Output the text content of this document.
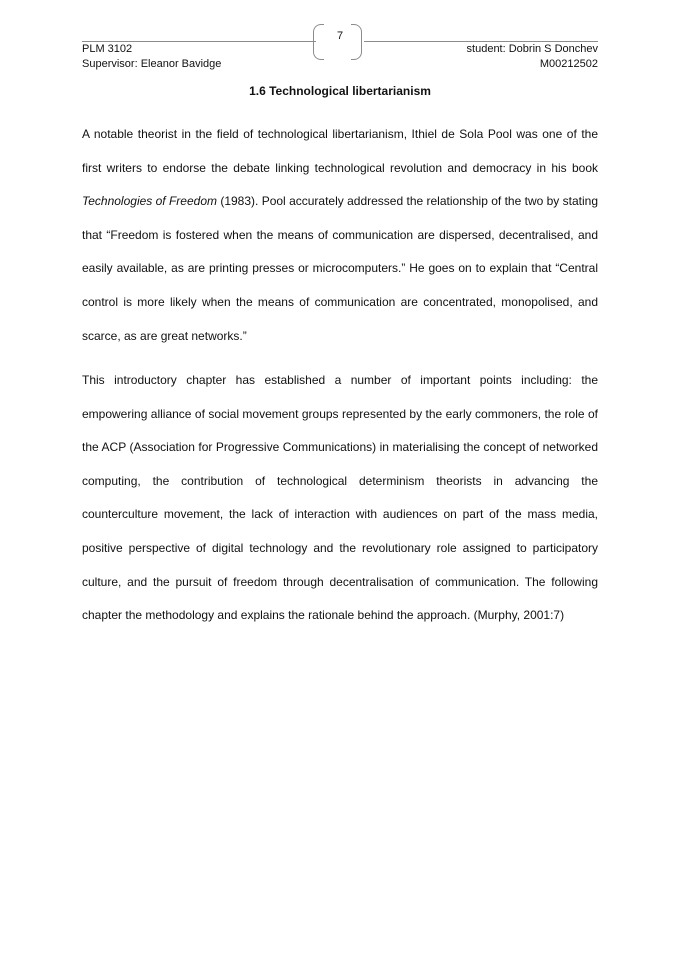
7
PLM 3102
Supervisor: Eleanor Bavidge
student: Dobrin S Donchev
M00212502
1.6 Technological libertarianism

A notable theorist in the field of technological libertarianism, Ithiel de Sola Pool was one of the first writers to endorse the debate linking technological revolution and democracy in his book Technologies of Freedom (1983). Pool accurately addressed the relationship of the two by stating that “Freedom is fostered when the means of communication are dispersed, decentralised, and easily available, as are printing presses or microcomputers.” He goes on to explain that “Central control is more likely when the means of communication are concentrated, monopolised, and scarce, as are great networks.”

This introductory chapter has established a number of important points including: the empowering alliance of social movement groups represented by the early commoners, the role of the ACP (Association for Progressive Communications) in materialising the concept of networked computing, the contribution of technological determinism theorists in advancing the counterculture movement, the lack of interaction with audiences on part of the mass media, positive perspective of digital technology and the revolutionary role assigned to participatory culture, and the pursuit of freedom through decentralisation of communication. The following chapter the methodology and explains the rationale behind the approach. (Murphy, 2001:7)
